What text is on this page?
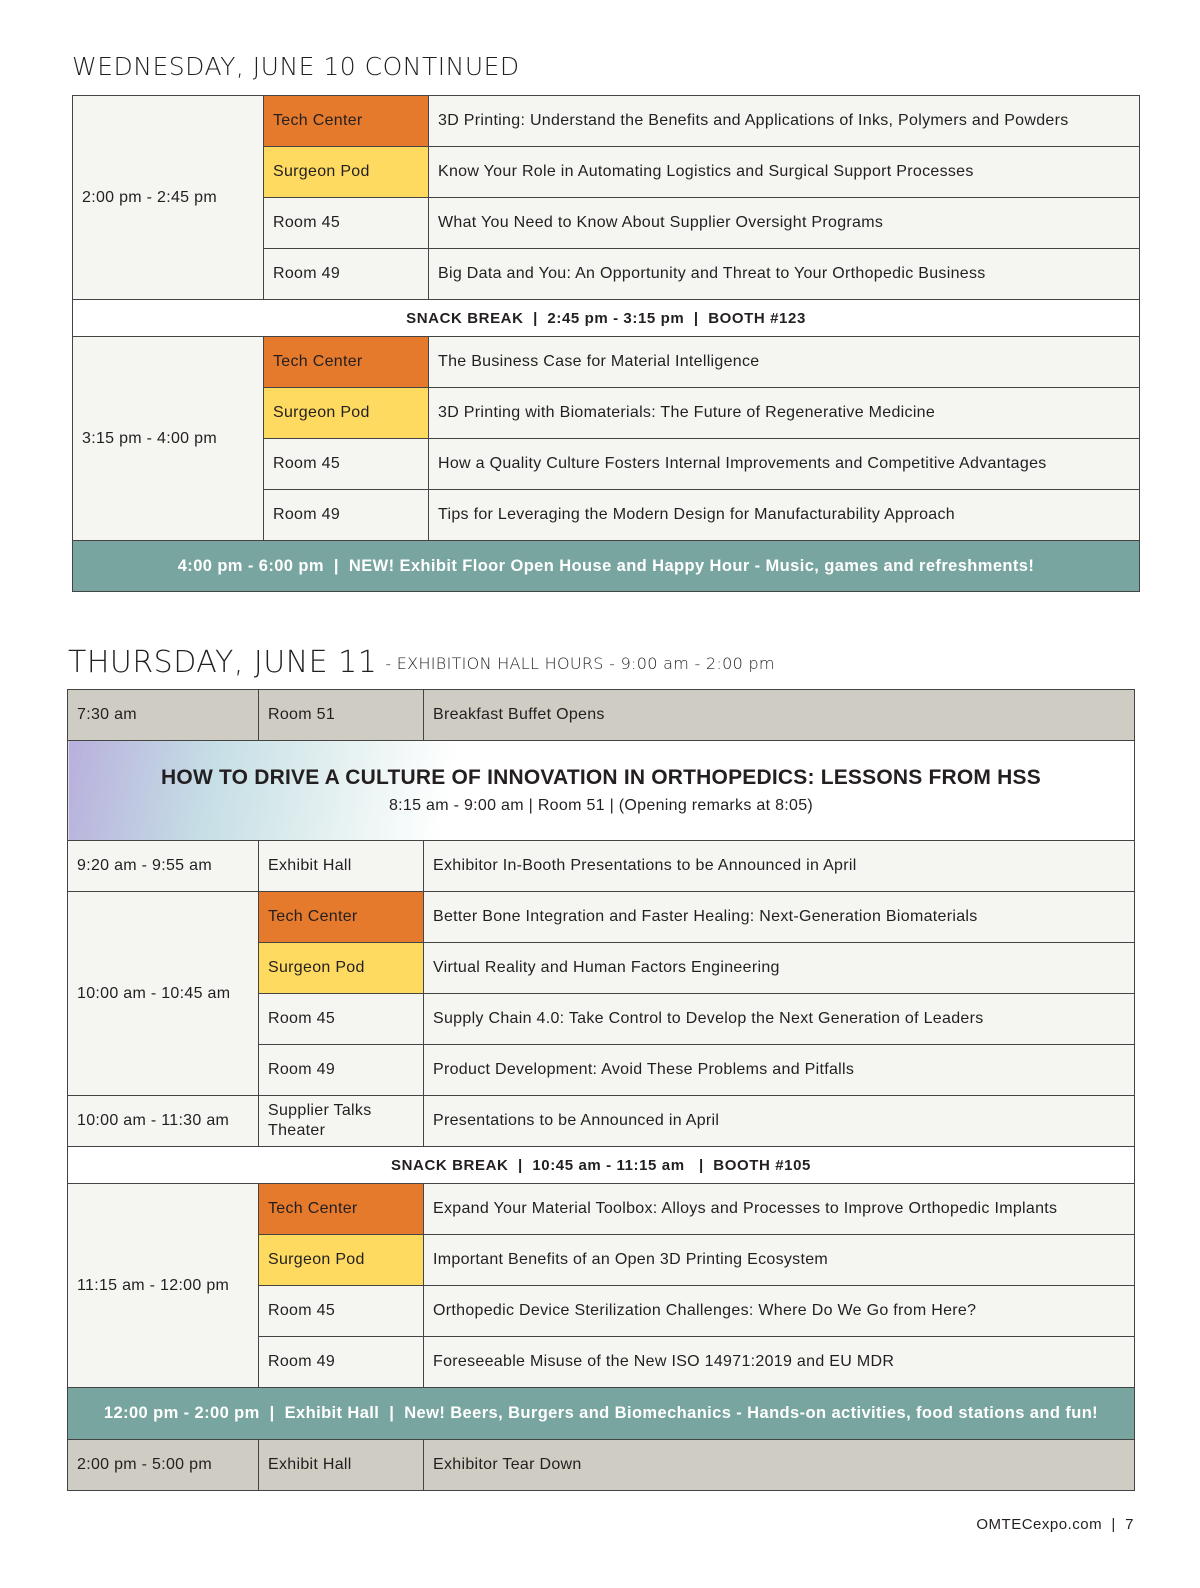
WEDNESDAY, JUNE 10 CONTINUED
2:00 pm - 2:45 pm	Tech Center	3D Printing: Understand the Benefits and Applications of Inks, Polymers and Powders
	Surgeon Pod	Know Your Role in Automating Logistics and Surgical Support Processes
	Room 45	What You Need to Know About Supplier Oversight Programs
	Room 49	Big Data and You: An Opportunity and Threat to Your Orthopedic Business
SNACK BREAK  |  2:45 pm - 3:15 pm  |  BOOTH #123		
3:15 pm - 4:00 pm	Tech Center	The Business Case for Material Intelligence
	Surgeon Pod	3D Printing with Biomaterials: The Future of Regenerative Medicine
	Room 45	How a Quality Culture Fosters Internal Improvements and Competitive Advantages
	Room 49	Tips for Leveraging the Modern Design for Manufacturability Approach
4:00 pm - 6:00 pm  |  NEW! Exhibit Floor Open House and Happy Hour - Music, games and refreshments!		
THURSDAY, JUNE 11 - EXHIBITION HALL HOURS - 9:00 am - 2:00 pm
7:30 am	Room 51	Breakfast Buffet Opens

HOW TO DRIVE A CULTURE OF INNOVATION IN ORTHOPEDICS: LESSONS FROM HSS
8:15 am - 9:00 am | Room 51 | (Opening remarks at 8:05)		

9:20 am - 9:55 am	Exhibit Hall	Exhibitor In-Booth Presentations to be Announced in April
10:00 am - 10:45 am	Tech Center	Better Bone Integration and Faster Healing: Next-Generation Biomaterials
	Surgeon Pod	Virtual Reality and Human Factors Engineering
	Room 45	Supply Chain 4.0: Take Control to Develop the Next Generation of Leaders
	Room 49	Product Development: Avoid These Problems and Pitfalls
10:00 am - 11:30 am	Supplier Talks Theater	Presentations to be Announced in April
SNACK BREAK  |  10:45 am - 11:15 am   |  BOOTH #105		
11:15 am - 12:00 pm	Tech Center	Expand Your Material Toolbox: Alloys and Processes to Improve Orthopedic Implants
	Surgeon Pod	Important Benefits of an Open 3D Printing Ecosystem
	Room 45	Orthopedic Device Sterilization Challenges: Where Do We Go from Here?
	Room 49	Foreseeable Misuse of the New ISO 14971:2019 and EU MDR
12:00 pm - 2:00 pm  |  Exhibit Hall  |  New! Beers, Burgers and Biomechanics - Hands-on activities, food stations and fun!		
2:00 pm - 5:00 pm	Exhibit Hall	Exhibitor Tear Down
OMTECexpo.com  |  7
